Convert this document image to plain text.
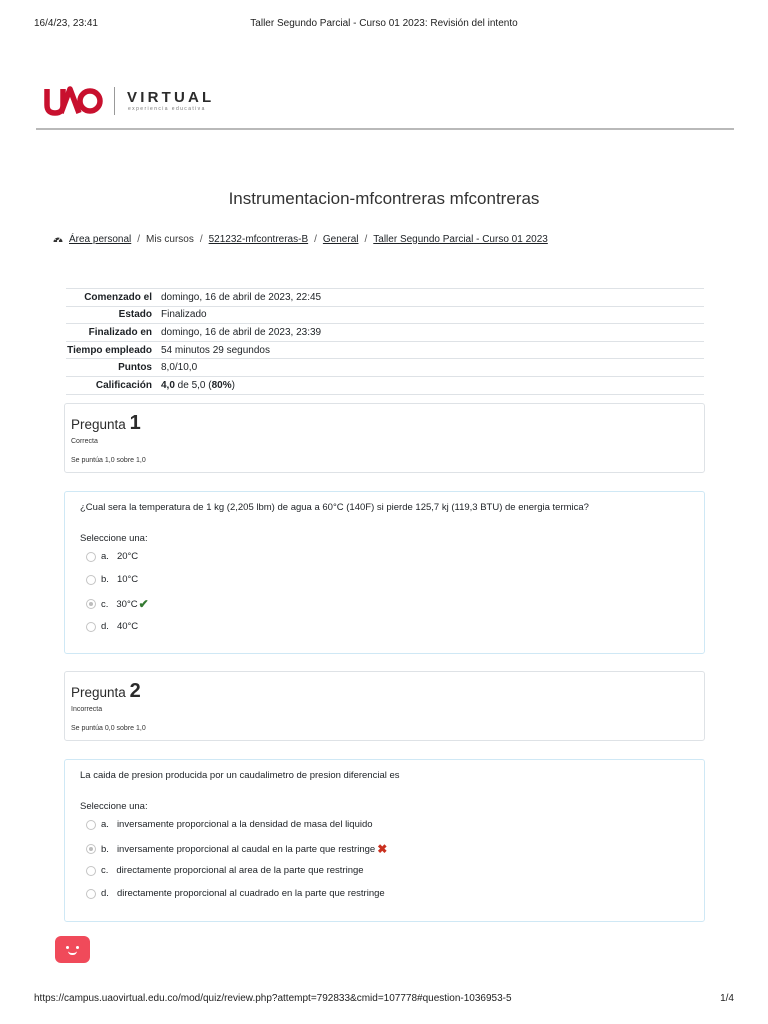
16/4/23, 23:41	Taller Segundo Parcial - Curso 01 2023: Revisión del intento
VIRTUAL
experiencia educativa
Instrumentacion-mfcontreras mfcontreras
Área personal / Mis cursos / 521232-mfcontreras-B / General / Taller Segundo Parcial - Curso 01 2023
Comenzado el	domingo, 16 de abril de 2023, 22:45
Estado	Finalizado
Finalizado en	domingo, 16 de abril de 2023, 23:39
Tiempo empleado	54 minutos 29 segundos
Puntos	8,0/10,0
Calificación	4,0 de 5,0 (80%)
Pregunta 1
Correcta
Se puntúa 1,0 sobre 1,0
¿Cual sera la temperatura de 1 kg (2,205 lbm) de agua a 60°C (140F) si pierde 125,7 kj (119,3 BTU) de energia termica?
Seleccione una:
a. 20°C
b. 10°C
c. 30°C ✔
d. 40°C
Pregunta 2
Incorrecta
Se puntúa 0,0 sobre 1,0
La caida de presion producida por un caudalimetro de presion diferencial es
Seleccione una:
a. inversamente proporcional a la densidad de masa del liquido
b. inversamente proporcional al caudal en la parte que restringe ✖
c. directamente proporcional al area de la parte que restringe
d. directamente proporcional al cuadrado en la parte que restringe
https://campus.uaovirtual.edu.co/mod/quiz/review.php?attempt=792833&cmid=107778#question-1036953-5	1/4
